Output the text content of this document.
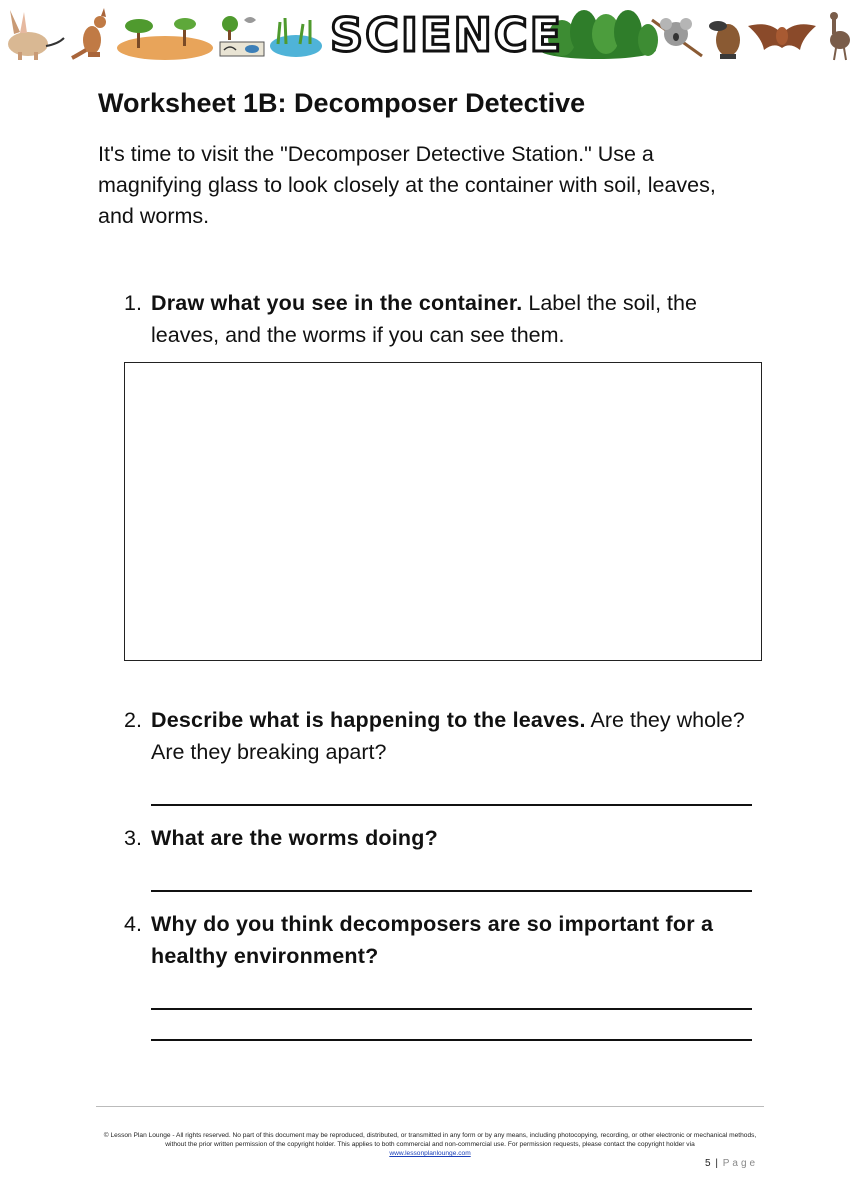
SCIENCE
Worksheet 1B: Decomposer Detective

It's time to visit the "Decomposer Detective Station." Use a magnifying glass to look closely at the container with soil, leaves, and worms.

1. Draw what you see in the container. Label the soil, the leaves, and the worms if you can see them.
2. Describe what is happening to the leaves. Are they whole? Are they breaking apart?
3. What are the worms doing?
4. Why do you think decomposers are so important for a healthy environment?
© Lesson Plan Lounge - All rights reserved. No part of this document may be reproduced, distributed, or transmitted in any form or by any means, including photocopying, recording, or other electronic or mechanical methods, without the prior written permission of the copyright holder. This applies to both commercial and non-commercial use. For permission requests, please contact the copyright holder via
www.lessonplanlounge.com
5 | Page
